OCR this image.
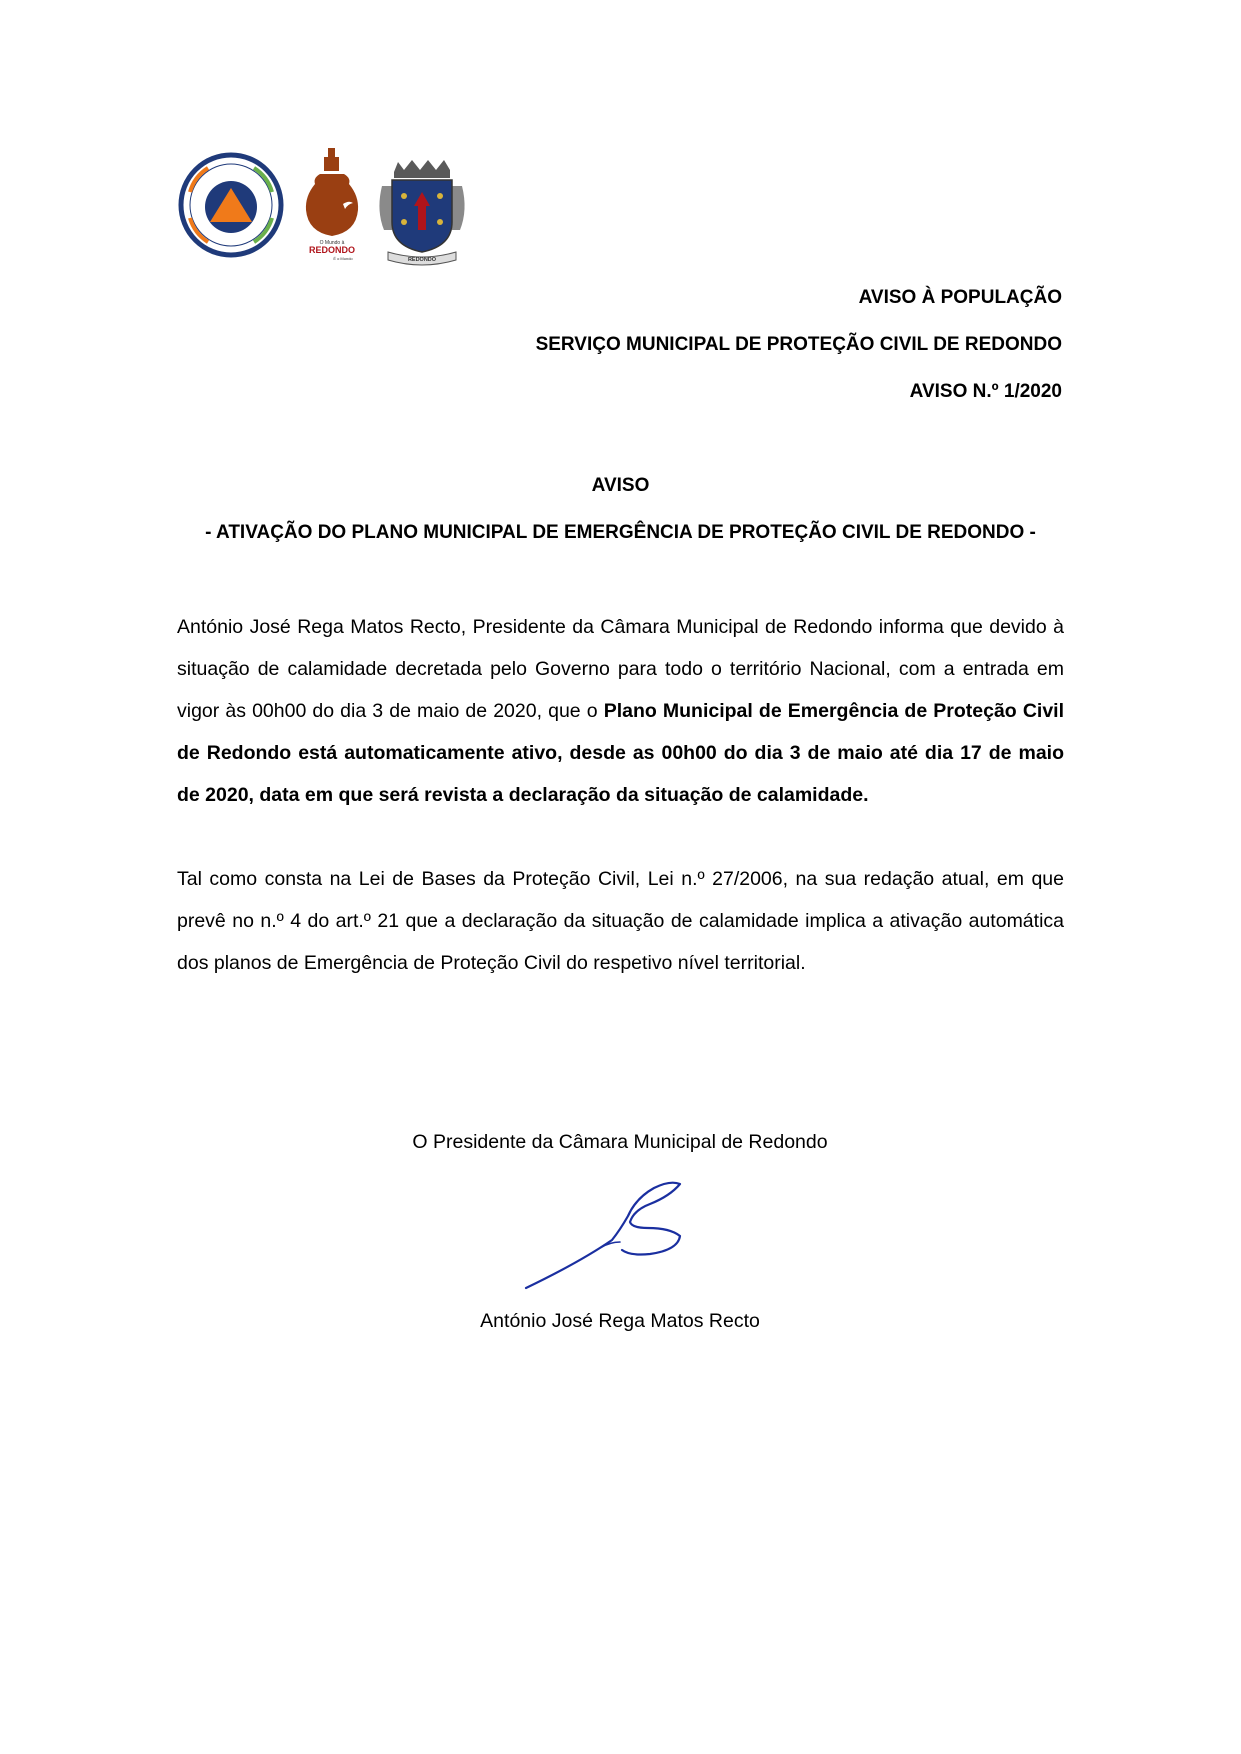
O Mundo à
REDONDO
É o Mundo	REDONDO
AVISO À POPULAÇÃO
SERVIÇO MUNICIPAL DE PROTEÇÃO CIVIL DE REDONDO
AVISO N.º 1/2020
AVISO
- ATIVAÇÃO DO PLANO MUNICIPAL DE EMERGÊNCIA DE PROTEÇÃO CIVIL DE REDONDO -
António José Rega Matos Recto, Presidente da Câmara Municipal de Redondo informa que devido à situação de calamidade decretada pelo Governo para todo o território Nacional, com a entrada em vigor às 00h00 do dia 3 de maio de 2020, que o Plano Municipal de Emergência de Proteção Civil de Redondo está automaticamente ativo, desde as 00h00 do dia 3 de maio até dia 17 de maio de 2020, data em que será revista a declaração da situação de calamidade.
Tal como consta na Lei de Bases da Proteção Civil, Lei n.º 27/2006, na sua redação atual, em que prevê no n.º 4 do art.º 21 que a declaração da situação de calamidade implica a ativação automática dos planos de Emergência de Proteção Civil do respetivo nível territorial.
O Presidente da Câmara Municipal de Redondo
António José Rega Matos Recto
